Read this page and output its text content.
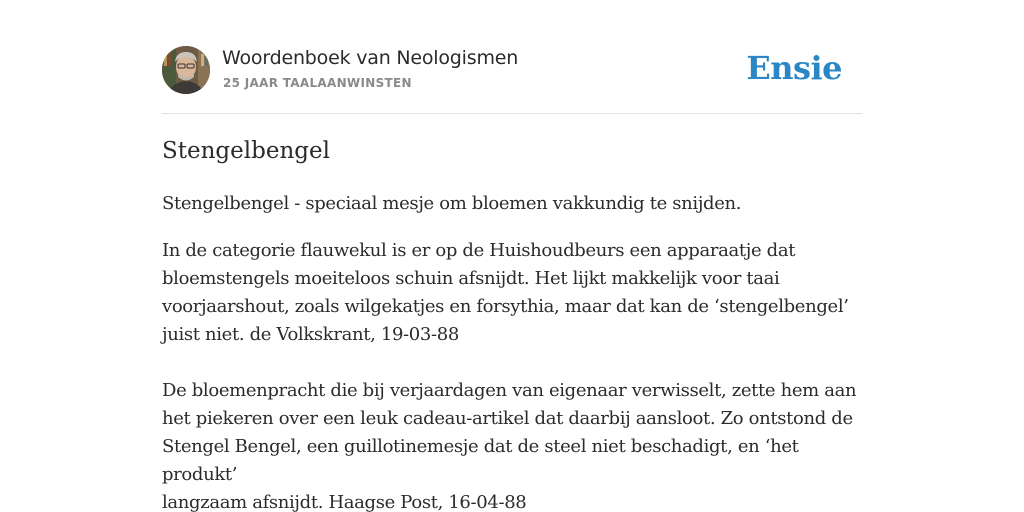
Woordenboek van Neologismen
25 JAAR TAALAANWINSTEN	Ensie
Stengelbengel
Stengelbengel - speciaal mesje om bloemen vakkundig te snijden.
In de categorie flauwekul is er op de Huishoudbeurs een apparaatje dat
bloemstengels moeiteloos schuin afsnijdt. Het lijkt makkelijk voor taai
voorjaarshout, zoals wilgekatjes en forsythia, maar dat kan de ‘stengelbengel’
juist niet. de Volkskrant, 19-03-88
De bloemenpracht die bij verjaardagen van eigenaar verwisselt, zette hem aan
het piekeren over een leuk cadeau-artikel dat daarbij aansloot. Zo ontstond de
Stengel Bengel, een guillotinemesje dat de steel niet beschadigt, en ‘het produkt’
langzaam afsnijdt. Haagse Post, 16-04-88
